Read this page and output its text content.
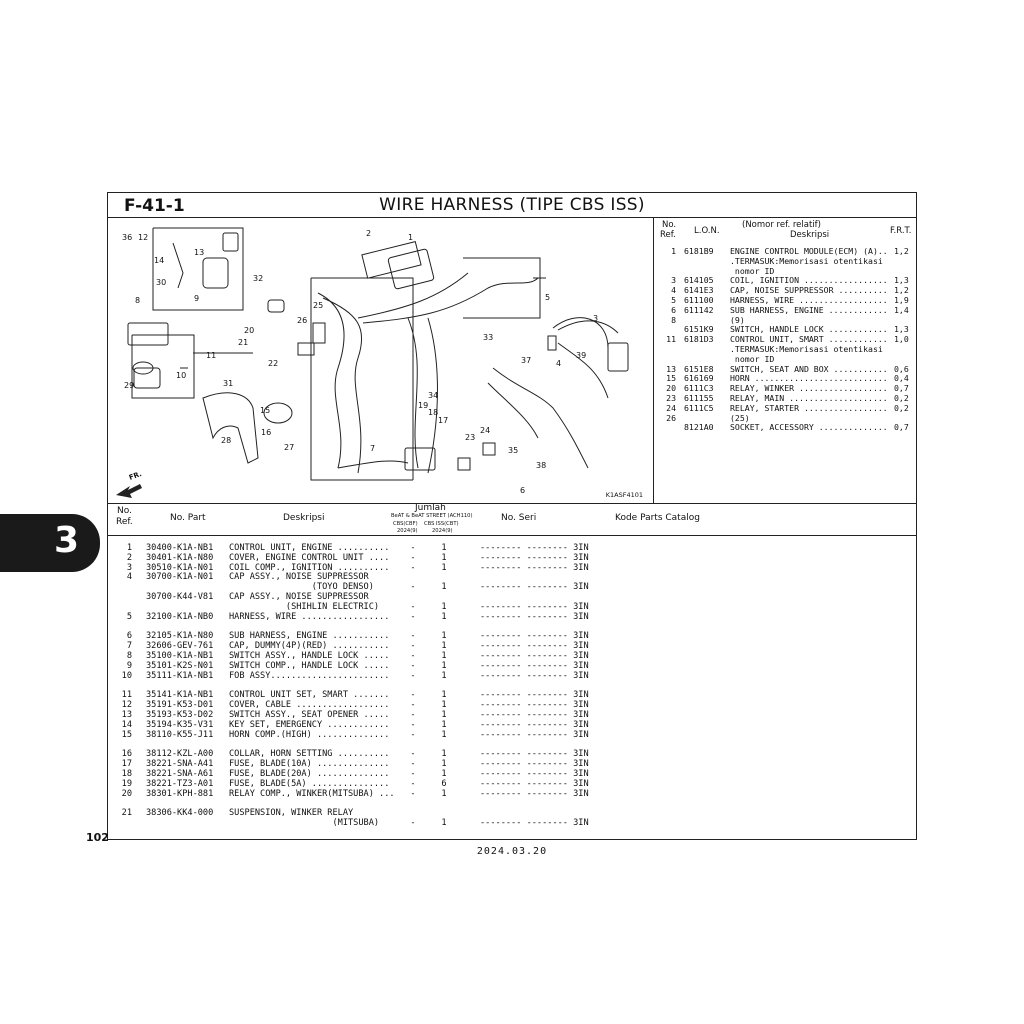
3
F-41-1	WIRE HARNESS (TIPE CBS ISS)
1
2
3
4
5
6
7
8	9
10
11
12
13
14
15
16
17
18
19
20
21
22
23
24
25
26
27
28
29
30
31
32
33
34
35
36
37
38
39
FR.
K1ASF4101
No.
Ref. L.O.N.
(Nomor ref. relatif)
Deskripsi	F.R.T.
1 6181B9	ENGINE CONTROL MODULE(ECM) (A).. 1,2
.TERMASUK:Memorisasi otentikasi
nomor ID
3 614105	COIL, IGNITION ................. 1,3
4 6141E3	CAP, NOISE SUPPRESSOR .......... 1,2
5 611100	HARNESS, WIRE .................. 1,9
6 611142	SUB HARNESS, ENGINE ............ 1,4
8	(9)
6151K9	SWITCH, HANDLE LOCK ............ 1,3
11 6181D3	CONTROL UNIT, SMART ............ 1,0
.TERMASUK:Memorisasi otentikasi
nomor ID
13 6151E8	SWITCH, SEAT AND BOX ........... 0,6
15 616169	HORN ........................... 0,4
20 6111C3	RELAY, WINKER .................. 0,7
23 611155	RELAY, MAIN .................... 0,2
24 6111C5	RELAY, STARTER ................. 0,2
26	(25)
8121A0	SOCKET, ACCESSORY .............. 0,7
No.
Ref.	No. Part	Deskripsi
Jumlah
BeAT & BeAT STREET (ACH110)
CBS(CBF) CBS ISS(CBT)
2024(9)	2024(9)
No. Seri	Kode Parts Catalog
1	30400-K1A-NB1	CONTROL UNIT, ENGINE ..........	-	1	-------- -------- 3IN
2	30401-K1A-N80	COVER, ENGINE CONTROL UNIT ....	-	1	-------- -------- 3IN
3	30510-K1A-N01	COIL COMP., IGNITION ..........	-	1	-------- -------- 3IN
4	30700-K1A-N01	CAP ASSY., NOISE SUPPRESSOR
(TOYO DENSO)	-	1	-------- -------- 3IN
30700-K44-V81	CAP ASSY., NOISE SUPPRESSOR
(SHIHLIN ELECTRIC)	-	1	-------- -------- 3IN
5	32100-K1A-NB0	HARNESS, WIRE .................	-	1	-------- -------- 3IN
6	32105-K1A-N80	SUB HARNESS, ENGINE ...........	-	1	-------- -------- 3IN
7	32606-GEV-761	CAP, DUMMY(4P)(RED) ...........	-	1	-------- -------- 3IN
8	35100-K1A-NB1	SWITCH ASSY., HANDLE LOCK .....	-	1	-------- -------- 3IN
9	35101-K2S-N01	SWITCH COMP., HANDLE LOCK .....	-	1	-------- -------- 3IN
10	35111-K1A-NB1	FOB ASSY.......................	-	1	-------- -------- 3IN
11	35141-K1A-NB1	CONTROL UNIT SET, SMART .......	-	1	-------- -------- 3IN
12	35191-K53-D01	COVER, CABLE ..................	-	1	-------- -------- 3IN
13	35193-K53-D02	SWITCH ASSY., SEAT OPENER .....	-	1	-------- -------- 3IN
14	35194-K35-V31	KEY SET, EMERGENCY ............	-	1	-------- -------- 3IN
15	38110-K55-J11	HORN COMP.(HIGH) ..............	-	1	-------- -------- 3IN
16	38112-KZL-A00	COLLAR, HORN SETTING ..........	-	1	-------- -------- 3IN
17	38221-SNA-A41	FUSE, BLADE(10A) ..............	-	1	-------- -------- 3IN
18	38221-SNA-A61	FUSE, BLADE(20A) ..............	-	1	-------- -------- 3IN
19	38221-TZ3-A01	FUSE, BLADE(5A) ...............	-	6	-------- -------- 3IN
20	38301-KPH-881	RELAY COMP., WINKER(MITSUBA) ...	-	1	-------- -------- 3IN
21	38306-KK4-000	SUSPENSION, WINKER RELAY
(MITSUBA)	-	1	-------- -------- 3IN
102
2024.03.20
